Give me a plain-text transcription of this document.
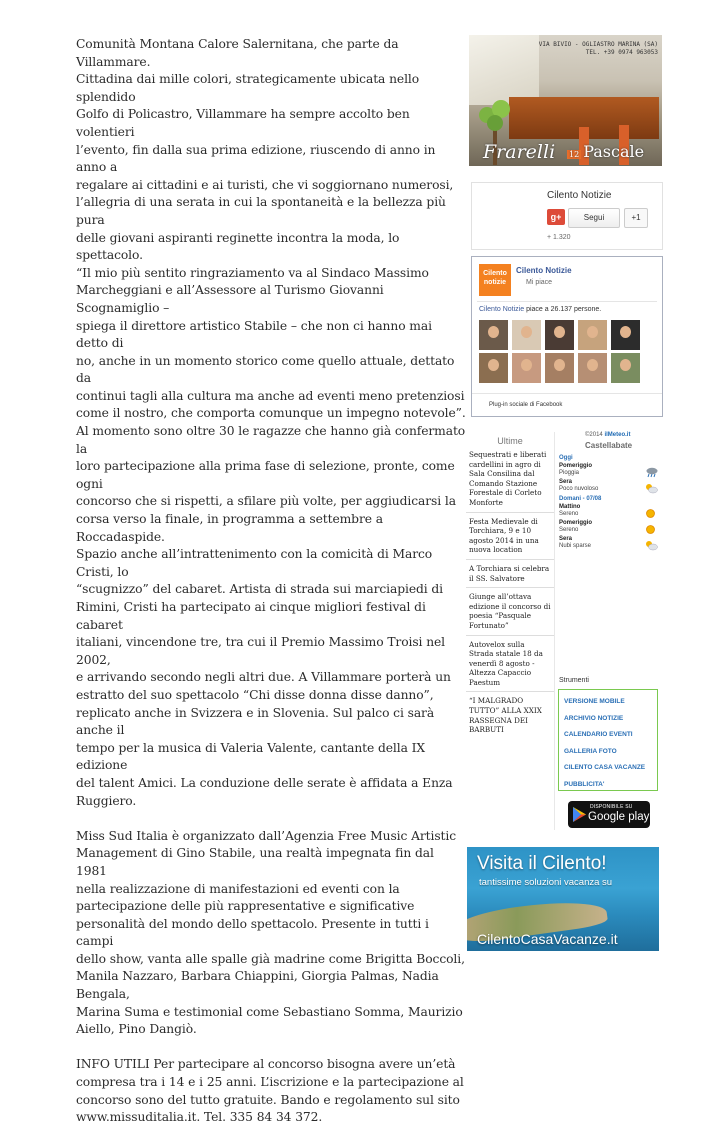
Comunità Montana Calore Salernitana, che parte da Villammare.

Cittadina dai mille colori, strategicamente ubicata nello splendido

Golfo di Policastro, Villammare ha sempre accolto ben volentieri

l’evento, fin dalla sua prima edizione, riuscendo di anno in anno a

regalare ai cittadini e ai turisti, che vi soggiornano numerosi,

l’allegria di una serata in cui la spontaneità e la bellezza più pura

delle giovani aspiranti reginette incontra la moda, lo spettacolo.

“Il mio più sentito ringraziamento va al Sindaco Massimo

Marcheggiani e all’Assessore al Turismo Giovanni Scognamiglio –

spiega il direttore artistico Stabile – che non ci hanno mai detto di

no, anche in un momento storico come quello attuale, dettato da

continui tagli alla cultura ma anche ad eventi meno pretenziosi

come il nostro, che comporta comunque un impegno notevole”.

Al momento sono oltre 30 le ragazze che hanno già confermato la

loro partecipazione alla prima fase di selezione, pronte, come ogni

concorso che si rispetti, a sfilare più volte, per aggiudicarsi la

corsa verso la finale, in programma a settembre a Roccadaspide.

Spazio anche all’intrattenimento con la comicità di Marco Cristi, lo

“scugnizzo” del cabaret. Artista di strada sui marciapiedi di

Rimini, Cristi ha partecipato ai cinque migliori festival di cabaret

italiani, vincendone tre, tra cui il Premio Massimo Troisi nel 2002,

e arrivando secondo negli altri due. A Villammare porterà un

estratto del suo spettacolo “Chi disse donna disse danno”,

replicato anche in Svizzera e in Slovenia. Sul palco ci sarà anche il

tempo per la musica di Valeria Valente, cantante della IX edizione

del talent Amici. La conduzione delle serate è affidata a Enza

Ruggiero.

Miss Sud Italia è organizzato dall’Agenzia Free Music Artistic

Management di Gino Stabile, una realtà impegnata fin dal 1981

nella realizzazione di manifestazioni ed eventi con la

partecipazione delle più rappresentative e significative

personalità del mondo dello spettacolo. Presente in tutti i campi

dello show, vanta alle spalle già madrine come Brigitta Boccoli,

Manila Nazzaro, Barbara Chiappini, Giorgia Palmas, Nadia Bengala,

Marina Suma e testimonial come Sebastiano Somma, Maurizio

Aiello, Pino Dangiò.

INFO UTILI Per partecipare al concorso bisogna avere un’età

compresa tra i 14 e i 25 anni. L’iscrizione e la partecipazione al

concorso sono del tutto gratuite. Bando e regolamento sul sito

www.missuditalia.it. Tel. 335 84 34 372.

VIA BIVIO - OGLIASTRO MARINA (SA)
TEL. +39 0974 963053
Frarelli 12 Pascale
Cilento Notizie
g+	Segui	+1
+ 1.320
Cilento
notizie
Cilento Notizie
Mi piace
Cilento Notizie piace a 26.137 persone.
Plug-in sociale di Facebook
Ultime
Sequestrati e liberati cardellini in agro di Sala Consilina dal Comando Stazione Forestale di Corleto Monforte
Festa Medievale di Torchiara, 9 e 10 agosto 2014 in una nuova location
A Torchiara si celebra il SS. Salvatore
Giunge all’ottava edizione il concorso di poesia “Pasquale Fortunato”
Autovelox sulla Strada statale 18 da venerdì 8 agosto - Altezza Capaccio Paestum
“I MALGRADO TUTTO” ALLA XXIX RASSEGNA DEI BARBUTI
©2014 ilMeteo.it
Castellabate
Oggi
Pomeriggio
Pioggia
Sera
Poco nuvoloso
Domani - 07/08
Mattino
Sereno
Pomeriggio
Sereno
Sera
Nubi sparse
Strumenti
VERSIONE MOBILE
ARCHIVIO NOTIZIE
CALENDARIO EVENTI
GALLERIA FOTO
CILENTO CASA VACANZE
PUBBLICITA'
DISPONIBILE SU
Google play
Visita il Cilento!
tantissime soluzioni vacanza su
CilentoCasaVacanze.it
